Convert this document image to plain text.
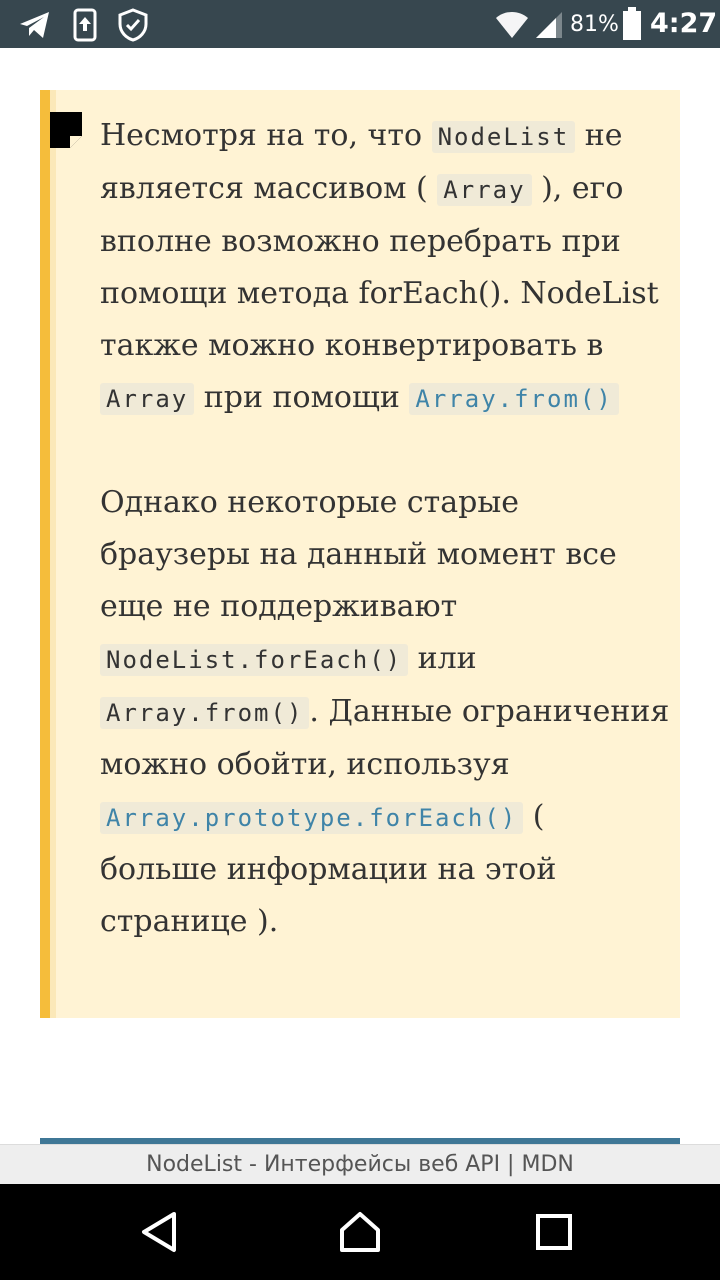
81% 4:27

Несмотря на то, что NodeList не является массивом ( Array ), его вполне возможно перебрать при помощи метода forEach(). NodeList также можно конвертировать в Array при помощи Array.from()

Однако некоторые старые браузеры на данный момент все еще не поддерживают NodeList.forEach() или Array.from() . Данные ограничения можно обойти, используя Array.prototype.forEach() ( больше информации на этой странице ).

NodeList - Интерфейсы веб API | MDN
